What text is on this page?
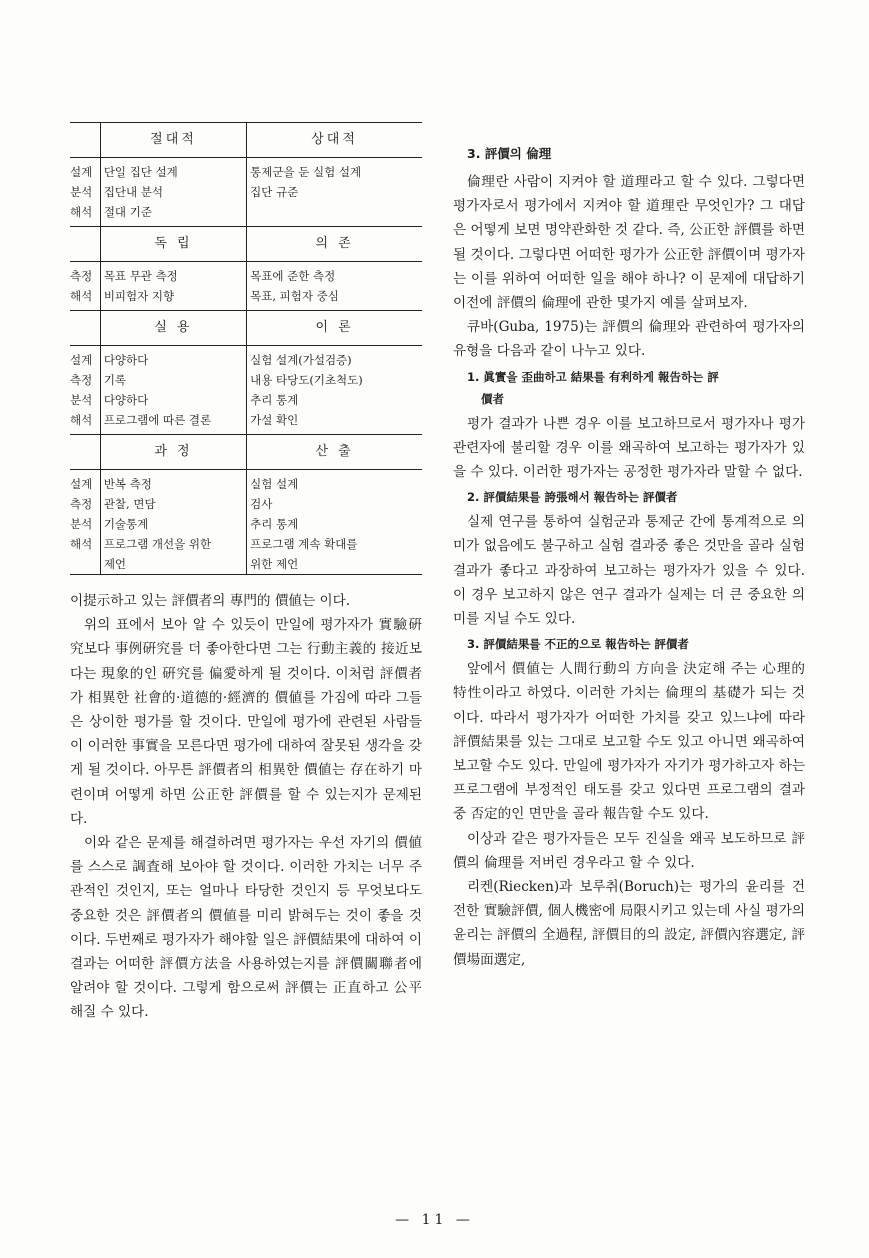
	절대적	상대적
설계	단일 집단 설계	통제군을 둔 실험 설계
분석	집단내 분석	집단 규준
해석	절대 기준	
	독 립	의 존
측정	목표 무관 측정	목표에 준한 측정
해석	비피험자 지향	목표, 피험자 중심
	실 용	이 론
설계	다양하다	실험 설계(가설검증)
측정	기록	내용 타당도(기초척도)
분석	다양하다	추리 통계
해석	프로그램에 따른 결론	가설 확인
	과 정	산 출
설계	반복 측정	실험 설계
측정	관찰, 면담	검사
분석	기술통계	추리 통계
해석	프로그램 개선을 위한	프로그램 계속 확대를
	제언	위한 제언

이提示하고 있는 評價者의 專門的 價値는 이다.

위의 표에서 보아 알 수 있듯이 만일에 평가자가 實驗硏究보다 事例硏究를 더 좋아한다면 그는 行動主義的 接近보다는 現象的인 硏究를 偏愛하게 될 것이다. 이처럼 評價者가 相異한 社會的·道德的·經濟的 價値를 가짐에 따라 그들은 상이한 평가를 할 것이다. 만일에 평가에 관련된 사람들이 이러한 事實을 모른다면 평가에 대하여 잘못된 생각을 갖게 될 것이다. 아무튼 評價者의 相異한 價値는 存在하기 마련이며 어떻게 하면 公正한 評價를 할 수 있는지가 문제된다.

이와 같은 문제를 해결하려면 평가자는 우선 자기의 價値를 스스로 調査해 보아야 할 것이다. 이러한 가치는 너무 주관적인 것인지, 또는 얼마나 타당한 것인지 등 무엇보다도 중요한 것은 評價者의 價値를 미리 밝혀두는 것이 좋을 것이다. 두번째로 평가자가 해야할 일은 評價結果에 대하여 이 결과는 어떠한 評價方法을 사용하였는지를 評價關聯者에 알려야 할 것이다. 그렇게 함으로써 評價는 正直하고 公平해질 수 있다.

3. 評價의 倫理

倫理란 사람이 지켜야 할 道理라고 할 수 있다. 그렇다면 평가자로서 평가에서 지켜야 할 道理란 무엇인가? 그 대답은 어떻게 보면 명약관화한 것 같다. 즉, 公正한 評價를 하면 될 것이다. 그렇다면 어떠한 평가가 公正한 評價이며 평가자는 이를 위하여 어떠한 일을 해야 하나? 이 문제에 대답하기 이전에 評價의 倫理에 관한 몇가지 예를 살펴보자.

큐바(Guba, 1975)는 評價의 倫理와 관련하여 평가자의 유형을 다음과 같이 나누고 있다.

1. 眞實을 歪曲하고 結果를 有利하게 報告하는 評
價者

평가 결과가 나쁜 경우 이를 보고하므로서 평가자나 평가 관련자에 불리할 경우 이를 왜곡하여 보고하는 평가자가 있을 수 있다. 이러한 평가자는 공정한 평가자라 말할 수 없다.

2. 評價結果를 誇張해서 報告하는 評價者

실제 연구를 통하여 실험군과 통제군 간에 통계적으로 의미가 없음에도 불구하고 실험 결과중 좋은 것만을 골라 실험 결과가 좋다고 과장하여 보고하는 평가자가 있을 수 있다. 이 경우 보고하지 않은 연구 결과가 실제는 더 큰 중요한 의미를 지닐 수도 있다.

3. 評價結果를 不正的으로 報告하는 評價者

앞에서 價値는 人間行動의 方向을 決定해 주는 心理的 特性이라고 하였다. 이러한 가치는 倫理의 基礎가 되는 것이다. 따라서 평가자가 어떠한 가치를 갖고 있느냐에 따라 評價結果를 있는 그대로 보고할 수도 있고 아니면 왜곡하여 보고할 수도 있다. 만일에 평가자가 자기가 평가하고자 하는 프로그램에 부정적인 태도를 갖고 있다면 프로그램의 결과 중 否定的인 면만을 골라 報告할 수도 있다.

이상과 같은 평가자들은 모두 진실을 왜곡 보도하므로 評價의 倫理를 저버린 경우라고 할 수 있다.

리켄(Riecken)과 보루취(Boruch)는 평가의 윤리를 건전한 實驗評價, 個人機密에 局限시키고 있는데 사실 평가의 윤리는 評價의 全過程, 評價目的의 設定, 評價內容選定, 評價場面選定,

— 11 —
